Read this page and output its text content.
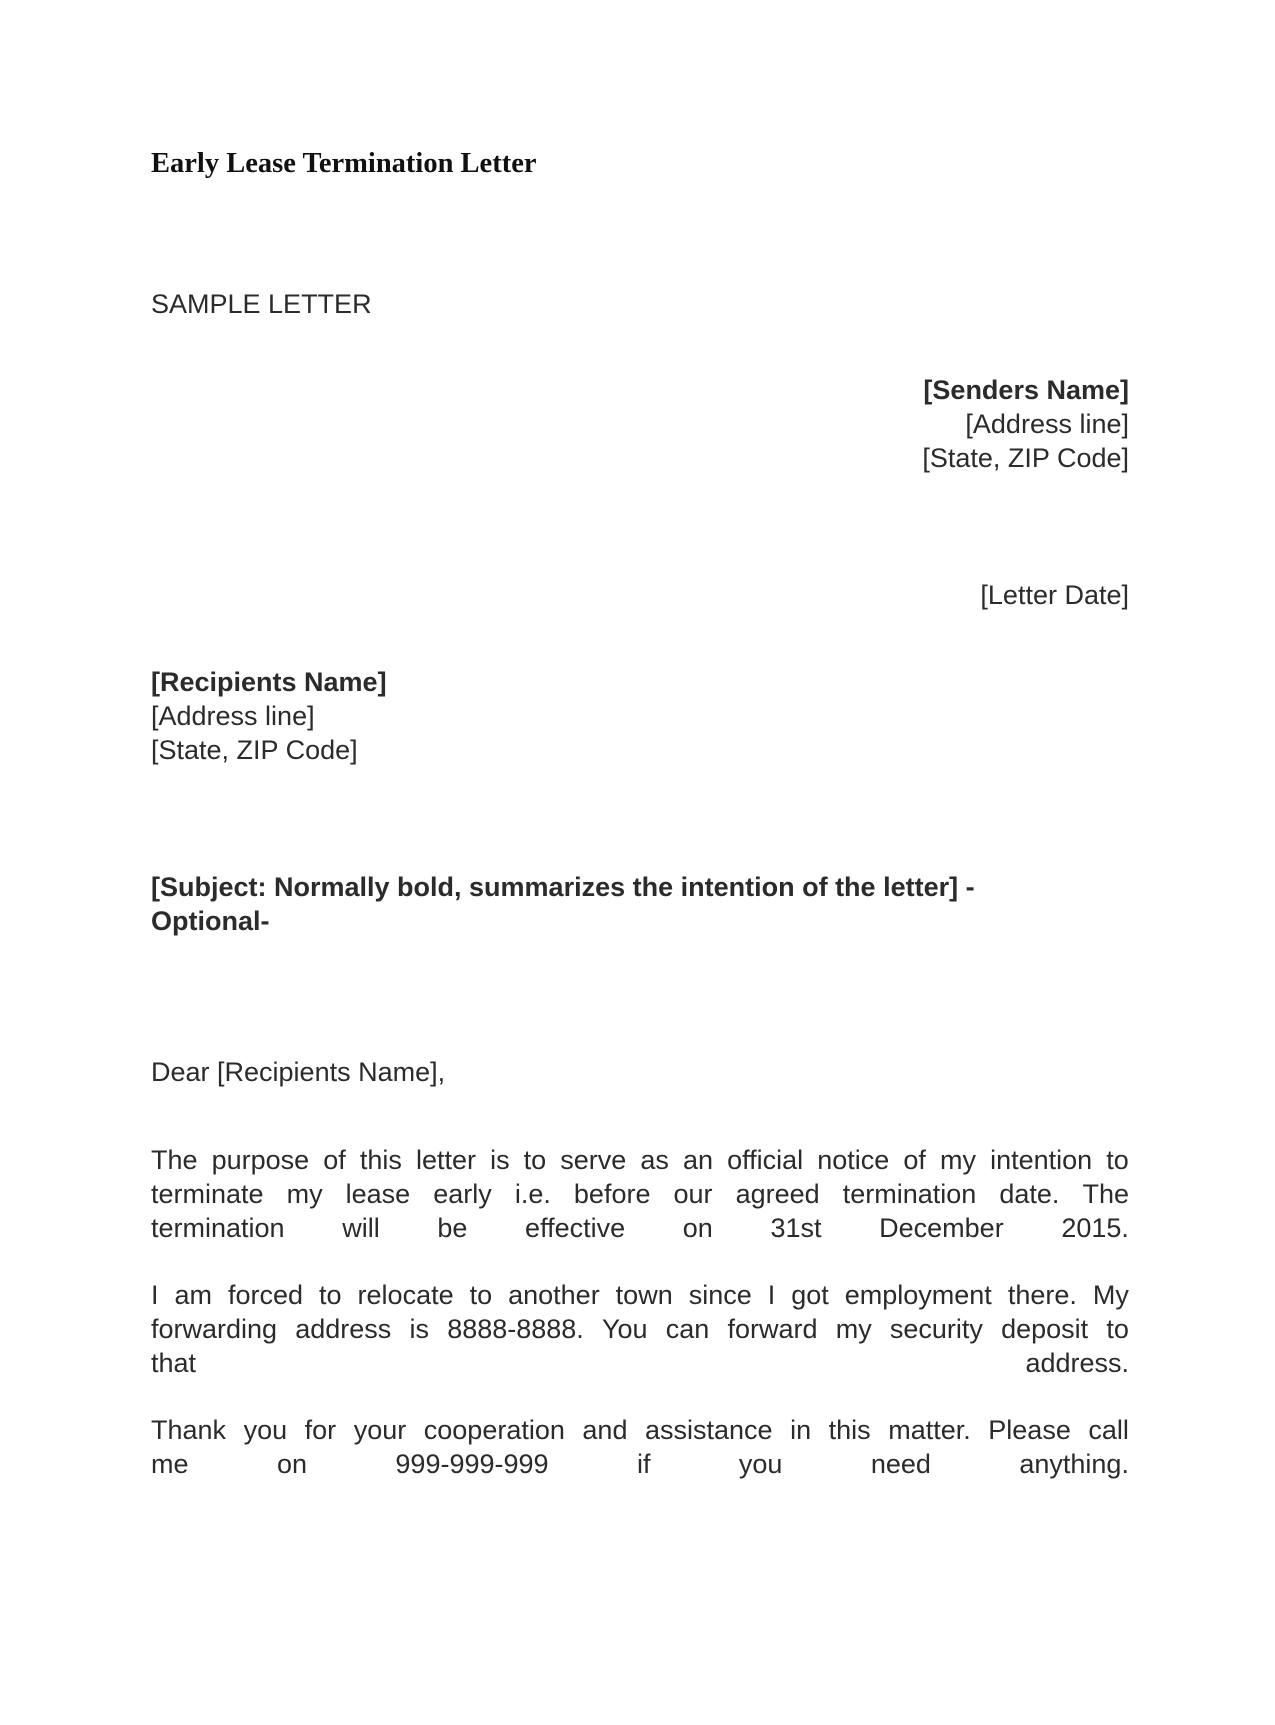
Early Lease Termination Letter
SAMPLE LETTER
[Senders Name]
[Address line]
[State, ZIP Code]
[Letter Date]
[Recipients Name]
[Address line]
[State, ZIP Code]
[Subject: Normally bold, summarizes the intention of the letter] -
Optional-
Dear [Recipients Name],
The purpose of this letter is to serve as an official notice of my intention to
terminate my lease early i.e. before our agreed termination date. The
termination will be effective on 31st December 2015.
I am forced to relocate to another town since I got employment there. My
forwarding address is 8888-8888. You can forward my security deposit to
that	address.
Thank you for your cooperation and assistance in this matter. Please call
me	on	999-999-999	if	you	need	anything.
